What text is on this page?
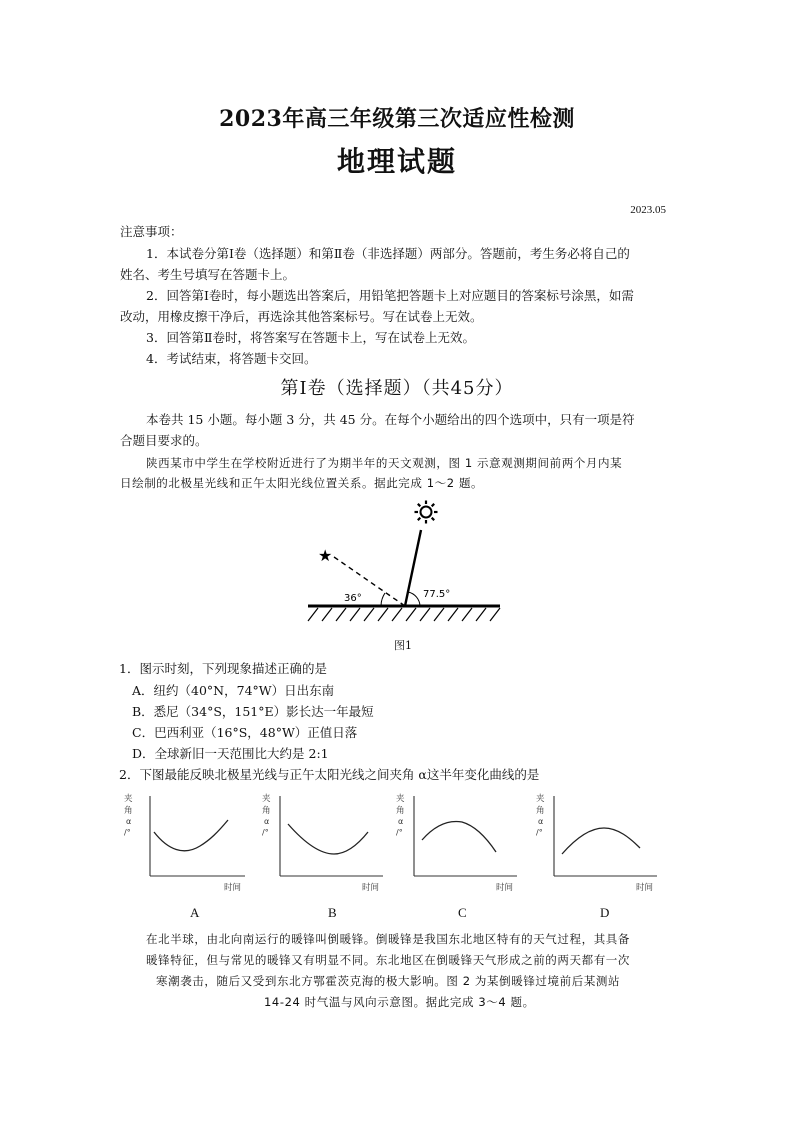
2023年高三年级第三次适应性检测
地理试题
2023.05
注意事项：
1．本试卷分第Ⅰ卷（选择题）和第Ⅱ卷（非选择题）两部分。答题前，考生务必将自己的
姓名、考生号填写在答题卡上。
2．回答第Ⅰ卷时，每小题选出答案后，用铅笔把答题卡上对应题目的答案标号涂黑，如需
改动，用橡皮擦干净后，再选涂其他答案标号。写在试卷上无效。
3．回答第Ⅱ卷时，将答案写在答题卡上，写在试卷上无效。
4．考试结束，将答题卡交回。
第Ⅰ卷（选择题）（共45分）
本卷共 15 小题。每小题 3 分，共 45 分。在每个小题给出的四个选项中，只有一项是符
合题目要求的。
陕西某市中学生在学校附近进行了为期半年的天文观测，图 1 示意观测期间前两个月内某
日绘制的北极星光线和正午太阳光线位置关系。据此完成 1～2 题。
★
36°	77.5°
图1
1．图示时刻，下列现象描述正确的是
A．纽约（40°N，74°W）日出东南
B．悉尼（34°S，151°E）影长达一年最短
C．巴西利亚（16°S，48°W）正值日落
D．全球新旧一天范围比大约是 2:1
2．下图最能反映北极星光线与正午太阳光线之间夹角 α这半年变化曲线的是
夹
角
α
/°
时间
A
夹
角
α
/°
时间
B
夹
角
α
/°
时间
C
夹
角
α
/°
时间
D
在北半球，由北向南运行的暖锋叫倒暖锋。倒暖锋是我国东北地区特有的天气过程，其具备
暖锋特征，但与常见的暖锋又有明显不同。东北地区在倒暖锋天气形成之前的两天都有一次
寒潮袭击，随后又受到东北方鄂霍茨克海的极大影响。图 2 为某倒暖锋过境前后某测站
14-24 时气温与风向示意图。据此完成 3～4 题。
